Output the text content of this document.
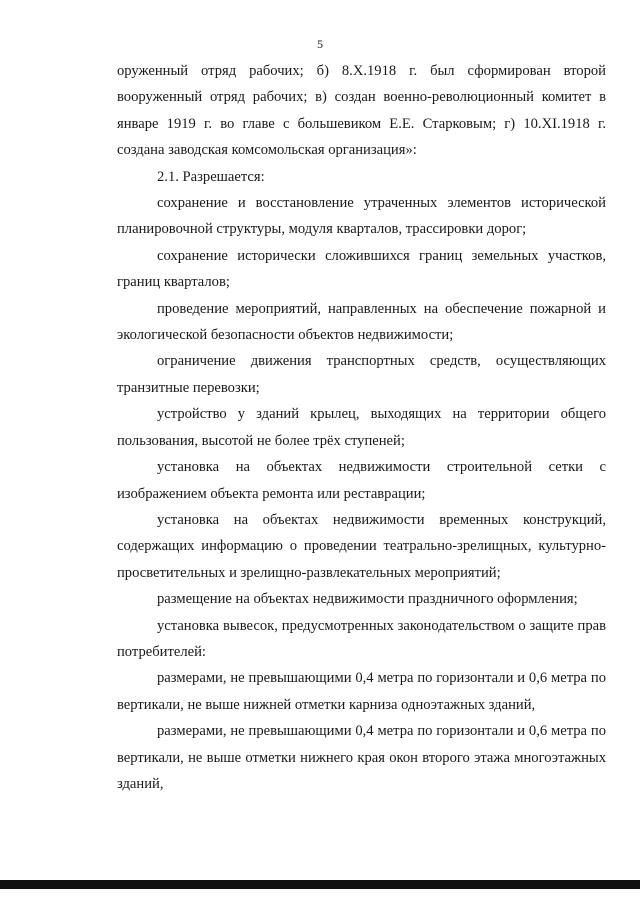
5

оруженный отряд рабочих; б) 8.X.1918 г. был сформирован второй вооруженный отряд рабочих; в) создан военно-революционный комитет в январе 1919 г. во главе с большевиком Е.Е. Старковым; г) 10.XI.1918 г. создана заводская комсомольская организация»:

2.1. Разрешается:

сохранение и восстановление утраченных элементов исторической планировочной структуры, модуля кварталов, трассировки дорог;

сохранение исторически сложившихся границ земельных участков, границ кварталов;

проведение мероприятий, направленных на обеспечение пожарной и экологической безопасности объектов недвижимости;

ограничение движения транспортных средств, осуществляющих транзитные перевозки;

устройство у зданий крылец, выходящих на территории общего пользования, высотой не более трёх ступеней;

установка на объектах недвижимости строительной сетки с изображением объекта ремонта или реставрации;

установка на объектах недвижимости временных конструкций, содержащих информацию о проведении театрально-зрелищных, культурно-просветительных и зрелищно-развлекательных мероприятий;

размещение на объектах недвижимости праздничного оформления;

установка вывесок, предусмотренных законодательством о защите прав потребителей:

размерами, не превышающими 0,4 метра по горизонтали и 0,6 метра по вертикали, не выше нижней отметки карниза одноэтажных зданий,

размерами, не превышающими 0,4 метра по горизонтали и 0,6 метра по вертикали, не выше отметки нижнего края окон второго этажа многоэтажных зданий,
